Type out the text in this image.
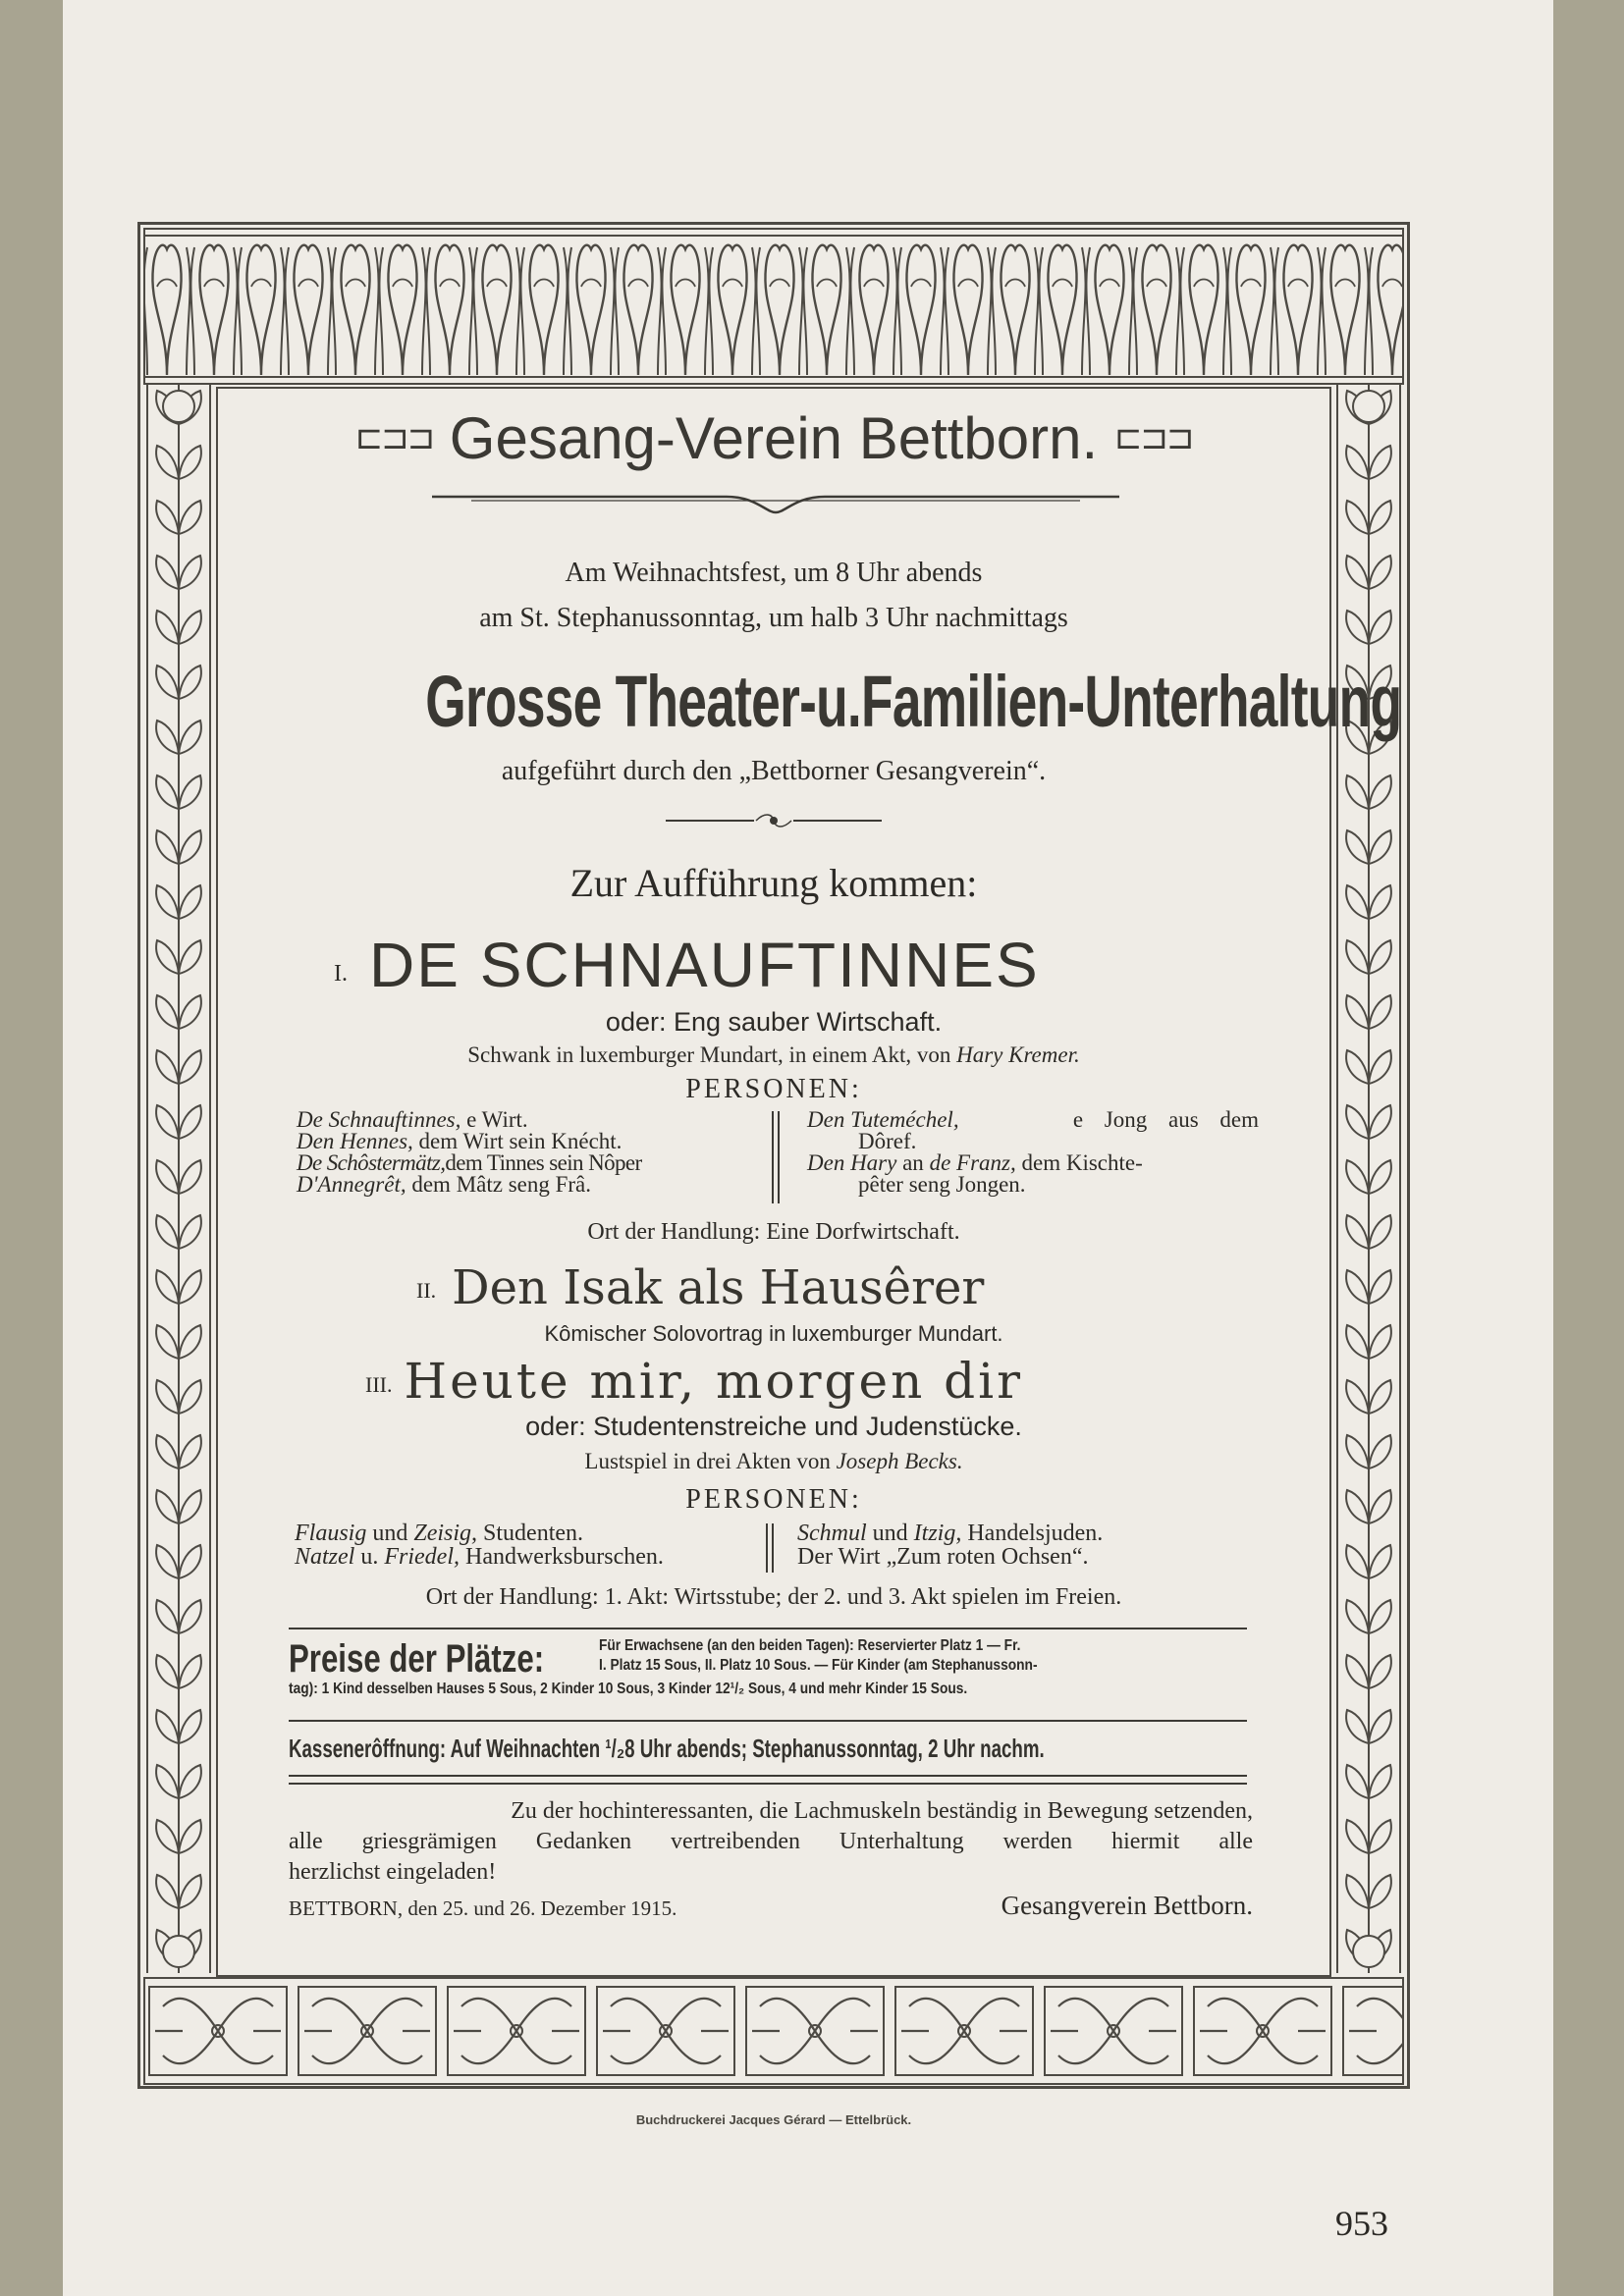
⊏⊐⊐ Gesang-Verein Bettborn. ⊏⊐⊐
Am Weihnachtsfest, um 8 Uhr abends
am St. Stephanussonntag, um halb 3 Uhr nachmittags
Grosse Theater-u.Familien-Unterhaltung
aufgeführt durch den „Bettborner Gesangverein“.
Zur Aufführung kommen:
I. DE SCHNAUFTINNES
oder: Eng sauber Wirtschaft.
Schwank in luxemburger Mundart, in einem Akt, von Hary Kremer.
PERSONEN:
De Schnauftinnes, e Wirt.
Den Hennes, dem Wirt sein Knécht.
De Schôstermätz,dem Tinnes sein Nôper
D'Annegrêt, dem Mâtz seng Frâ.
Den Tuteméchel,	e Jong aus dem
Dôref.
Den Hary an de Franz, dem Kischte-
pêter seng Jongen.
Ort der Handlung: Eine Dorfwirtschaft.
II. Den Isak als Hausêrer
Kômischer Solovortrag in luxemburger Mundart.
III. Heute mir, morgen dir
oder: Studentenstreiche und Judenstücke.
Lustspiel in drei Akten von Joseph Becks.
PERSONEN:
Flausig und Zeisig, Studenten.
Natzel u. Friedel, Handwerksburschen.
Schmul und Itzig, Handelsjuden.
Der Wirt „Zum roten Ochsen“.
Ort der Handlung: 1. Akt: Wirtsstube; der 2. und 3. Akt spielen im Freien.
Preise der Plätze:	Für Erwachsene (an den beiden Tagen): Reservierter Platz 1 — Fr.
I. Platz 15 Sous, II. Platz 10 Sous. — Für Kinder (am Stephanussonn-
tag): 1 Kind desselben Hauses 5 Sous, 2 Kinder 10 Sous, 3 Kinder 12¹/₂ Sous, 4 und mehr Kinder 15 Sous.
Kassenerôffnung: Auf Weihnachten ¹/₂8 Uhr abends; Stephanussonntag, 2 Uhr nachm.
Zu der hochinteressanten, die Lachmuskeln beständig in Bewegung setzenden,
alle griesgrämigen Gedanken vertreibenden Unterhaltung werden hiermit alle
herzlichst eingeladen!
BETTBORN, den 25. und 26. Dezember 1915.	Gesangverein Bettborn.
Buchdruckerei Jacques Gérard — Ettelbrück.
953
